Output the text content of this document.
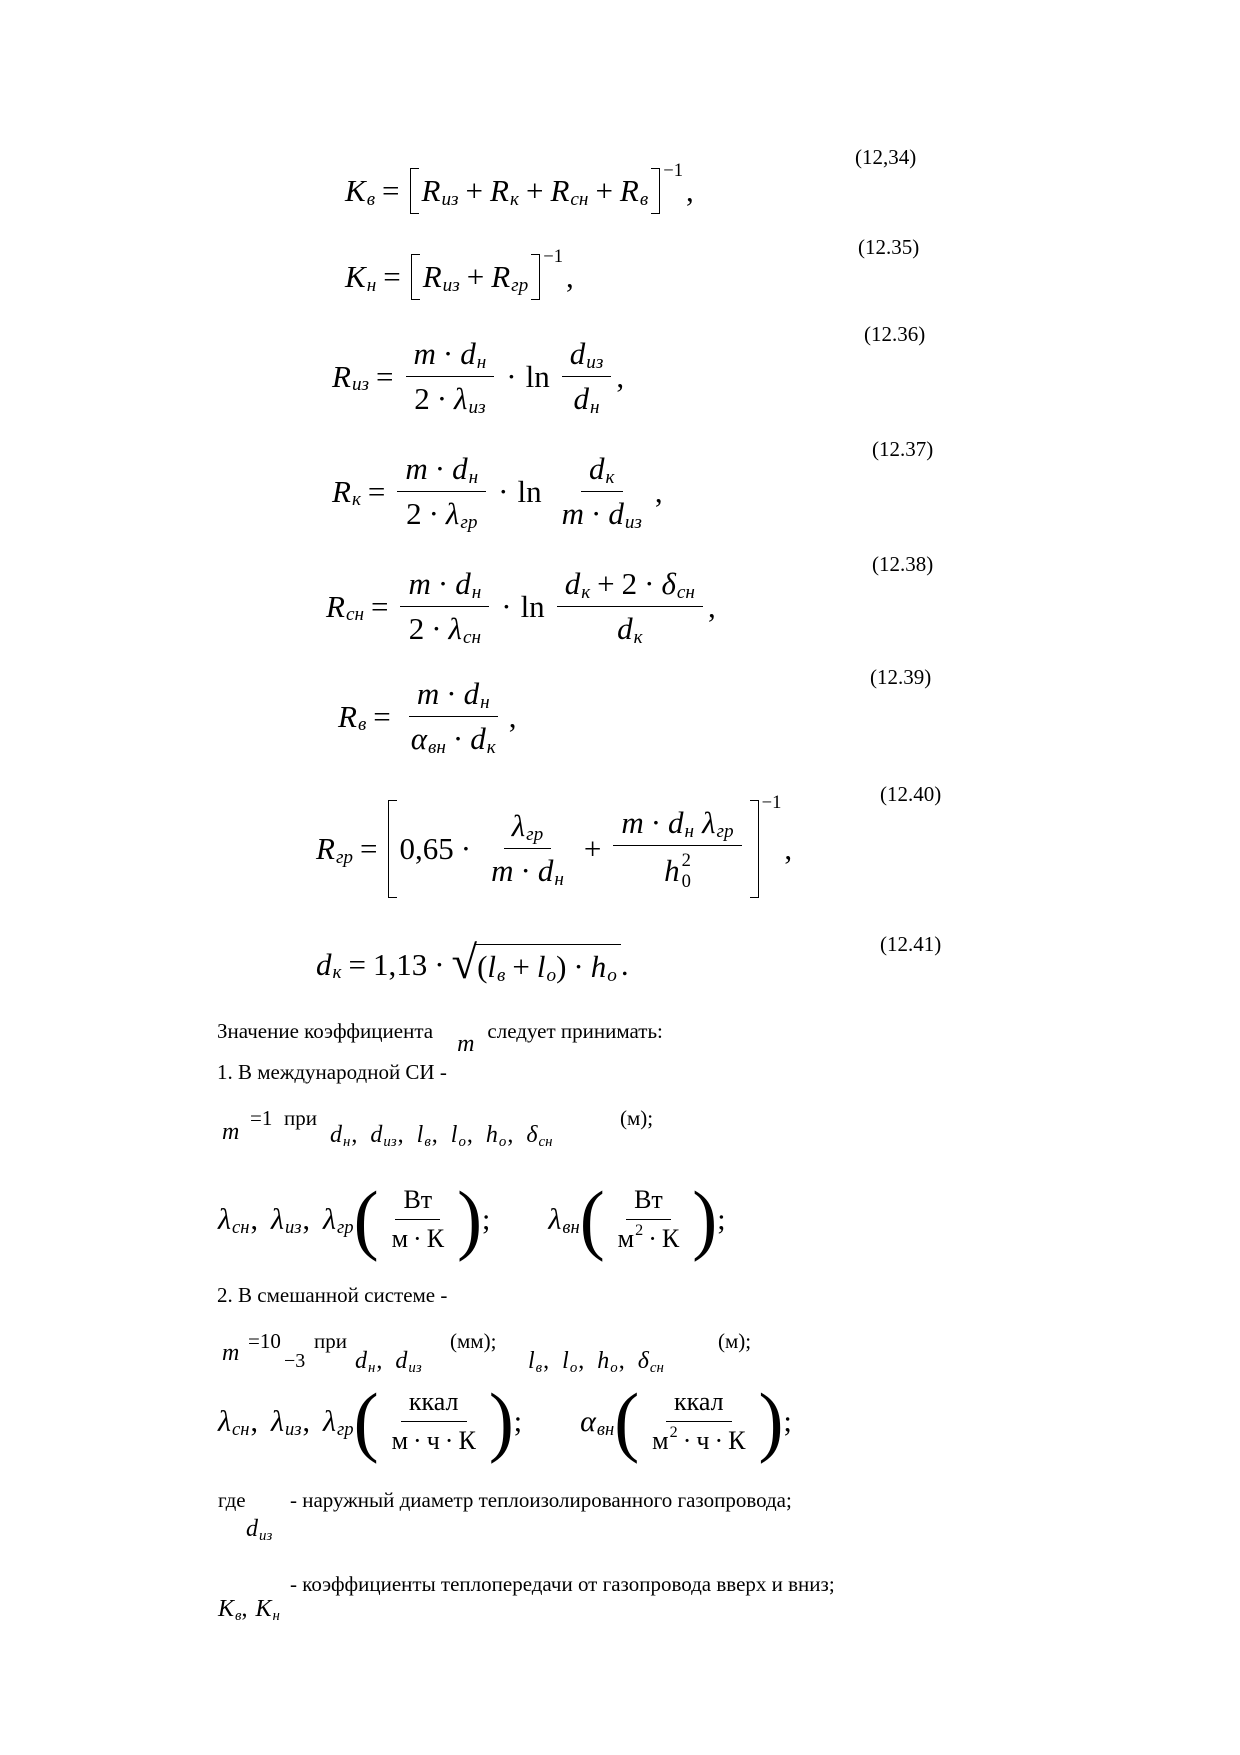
(12,34)
(12.35)
(12.36)
(12.37)
(12.38)
(12.39)
(12.40)
(12.41)
K в = R из + R к + R сн + R в
−1
,
K н = R из + R гр
−1
,
R из =
m · d н
2 · λ из
· ln
d из
d н
,
R к =
m · d н
2 · λ гр
· ln
d к
m · d из
,
R сн =
m · d н
2 · λ сн
· ln
d к + 2 · δ сн
d к
,
R в =
m · d н
α вн · d к
,
R гр = 0,65 ·
λ гр
m · d н
+
m · d н λ гр
h 2
0
−1
,
d к = 1,13 · √ ( l в + l о ) · h о .
Значение коэффициента m следует принимать:
1. В международной СИ -
m
=1 при
d н , d из , l в , l о , h о , δ сн
(м);
λ сн , λ из , λ гр ( Вт
м · К ) ; λ вн ( Вт
м 2 · К ) ;
2. В смешанной системе -
m =10
−3
при
d н , d из
(мм);
l в , l о , h о , δ сн
(м);
λ сн , λ из , λ гр ( ккал
м · ч · К ) ; α вн ( ккал
м 2 · ч · К ) ;
где - наружный диаметр теплоизолированного газопровода;
d из
- коэффициенты теплопередачи от газопровода вверх и вниз;
K в , K н
